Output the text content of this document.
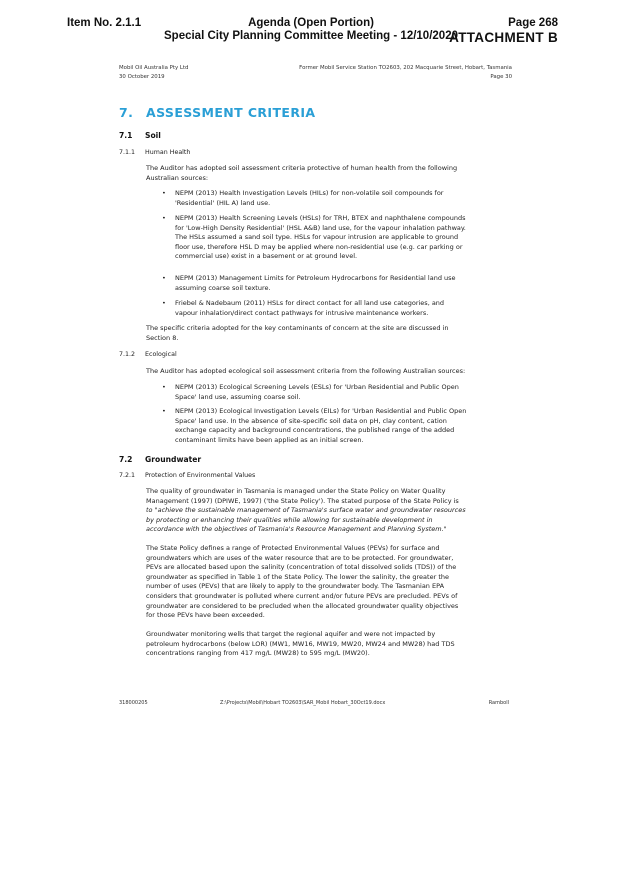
Item No. 2.1.1	Agenda (Open Portion)
Special City Planning Committee Meeting - 12/10/2020
Page 268
ATTACHMENT B
Mobil Oil Australia Pty Ltd
30 October 2019
Former Mobil Service Station TO2603, 202 Macquarie Street, Hobart, Tasmania
Page 30
7. ASSESSMENT CRITERIA
7.1 Soil
7.1.1 Human Health
The Auditor has adopted soil assessment criteria protective of human health from the following
Australian sources:
• NEPM (2013) Health Investigation Levels (HILs) for non-volatile soil compounds for
'Residential' (HIL A) land use.
• NEPM (2013) Health Screening Levels (HSLs) for TRH, BTEX and naphthalene compounds
for 'Low-High Density Residential' (HSL A&B) land use, for the vapour inhalation pathway.
The HSLs assumed a sand soil type. HSLs for vapour intrusion are applicable to ground
floor use, therefore HSL D may be applied where non-residential use (e.g. car parking or
commercial use) exist in a basement or at ground level.
• NEPM (2013) Management Limits for Petroleum Hydrocarbons for Residential land use
assuming coarse soil texture.
• Friebel & Nadebaum (2011) HSLs for direct contact for all land use categories, and
vapour inhalation/direct contact pathways for intrusive maintenance workers.
The specific criteria adopted for the key contaminants of concern at the site are discussed in
Section 8.
7.1.2 Ecological
The Auditor has adopted ecological soil assessment criteria from the following Australian sources:
• NEPM (2013) Ecological Screening Levels (ESLs) for 'Urban Residential and Public Open
Space' land use, assuming coarse soil.
• NEPM (2013) Ecological Investigation Levels (EILs) for 'Urban Residential and Public Open
Space' land use. In the absence of site-specific soil data on pH, clay content, cation
exchange capacity and background concentrations, the published range of the added
contaminant limits have been applied as an initial screen.
7.2 Groundwater
7.2.1 Protection of Environmental Values
The quality of groundwater in Tasmania is managed under the State Policy on Water Quality
Management (1997) (DPIWE, 1997) ('the State Policy'). The stated purpose of the State Policy is
to "achieve the sustainable management of Tasmania's surface water and groundwater resources
by protecting or enhancing their qualities while allowing for sustainable development in
accordance with the objectives of Tasmania's Resource Management and Planning System."
The State Policy defines a range of Protected Environmental Values (PEVs) for surface and
groundwaters which are uses of the water resource that are to be protected. For groundwater,
PEVs are allocated based upon the salinity (concentration of total dissolved solids (TDS)) of the
groundwater as specified in Table 1 of the State Policy. The lower the salinity, the greater the
number of uses (PEVs) that are likely to apply to the groundwater body. The Tasmanian EPA
considers that groundwater is polluted where current and/or future PEVs are precluded. PEVs of
groundwater are considered to be precluded when the allocated groundwater quality objectives
for those PEVs have been exceeded.
Groundwater monitoring wells that target the regional aquifer and were not impacted by
petroleum hydrocarbons (below LOR) (MW1, MW16, MW19, MW20, MW24 and MW28) had TDS
concentrations ranging from 417 mg/L (MW28) to 595 mg/L (MW20).
318000205	Z:\Projects\Mobil\Hobart TO2603\SAR_Mobil Hobart_30Oct19.docx	Ramboll
